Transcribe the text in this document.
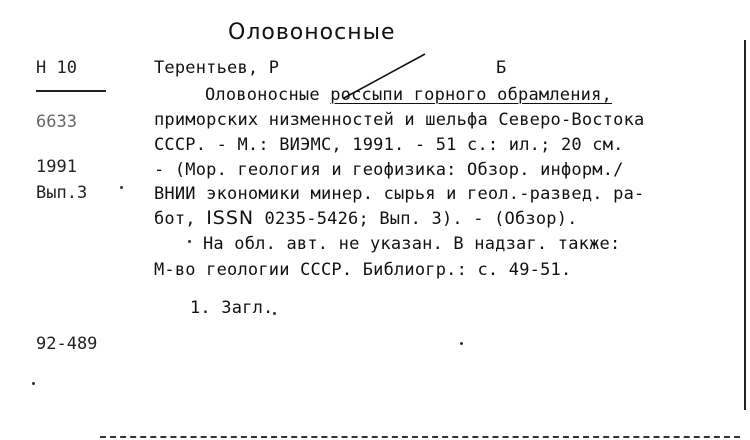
Оловоносные
Н 10
6633
1991
Вып.3
92-489
Терентьев, Р	Б
Оловоносные россыпи горного обрамления,
приморских низменностей и шельфа Северо-Востока
СССР. - М.: ВИЭМС, 1991. - 51 с.: ил.; 20 см.
- (Мор. геология и геофизика: Обзор. информ./
ВНИИ экономики минер. сырья и геол.-развед. ра-
бот, ISSN 0235-5426; Вып. 3). - (Обзор).
На обл. авт. не указан. В надзаг. также:
М-во геологии СССР. Библиогр.: с. 49-51.
1. Загл.
